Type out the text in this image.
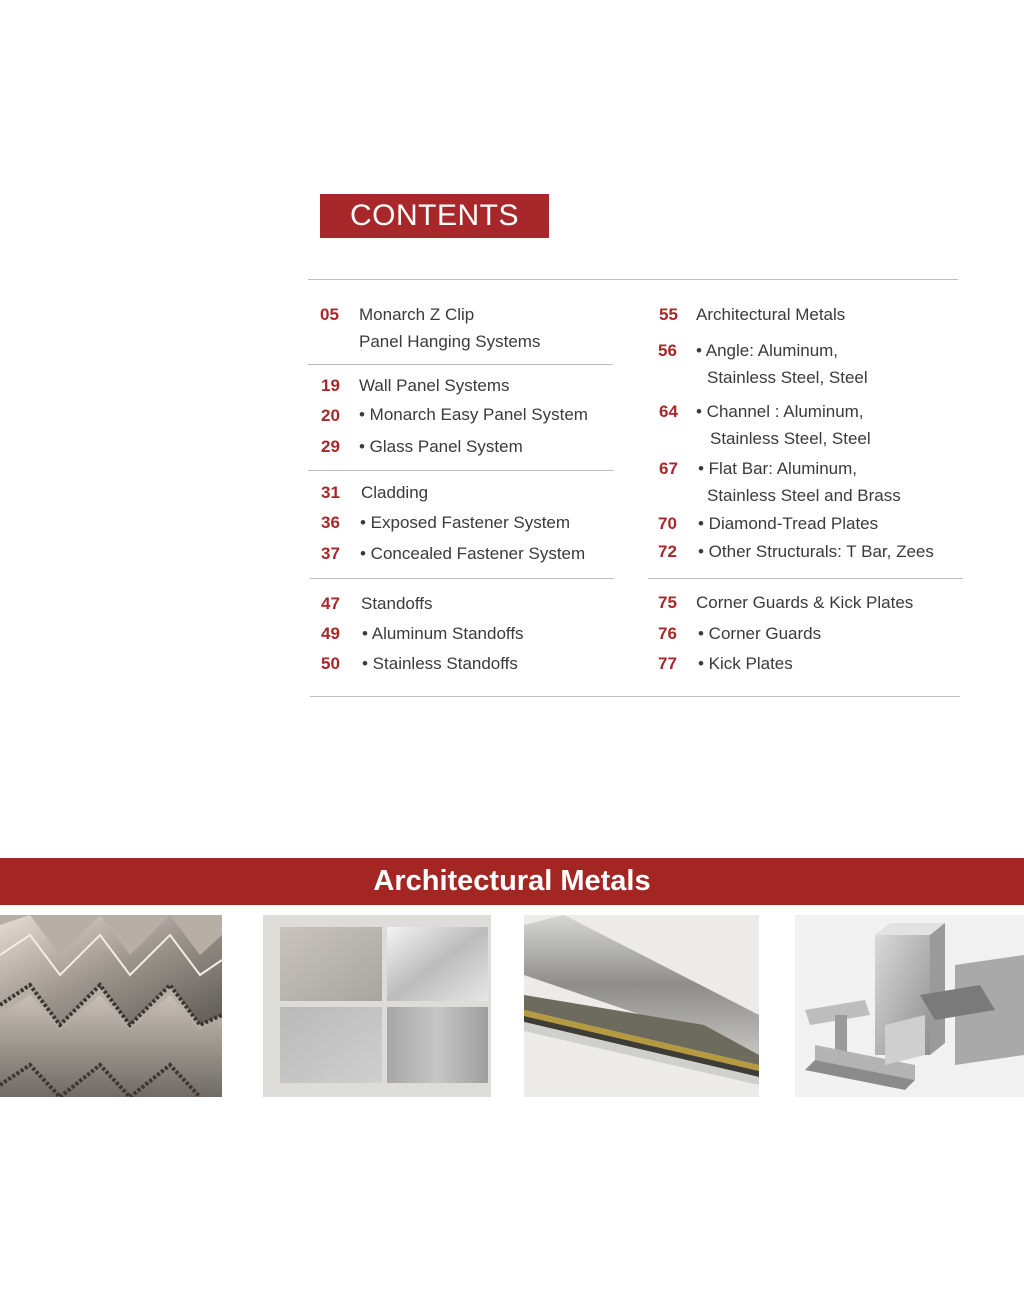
CONTENTS
05 Monarch Z Clip
Panel Hanging Systems
19 Wall Panel Systems
20 • Monarch Easy Panel System
29 • Glass Panel System
31 Cladding
36 • Exposed Fastener System
37 • Concealed Fastener System
47 Standoffs
49 • Aluminum Standoffs
50 • Stainless Standoffs
55 Architectural Metals
56 • Angle: Aluminum,
Stainless Steel, Steel
64 • Channel : Aluminum,
Stainless Steel, Steel
67 • Flat Bar: Aluminum,
Stainless Steel and Brass
70 • Diamond-Tread Plates
72 • Other Structurals: T Bar, Zees
75 Corner Guards & Kick Plates
76 • Corner Guards
77 • Kick Plates
Architectural Metals
